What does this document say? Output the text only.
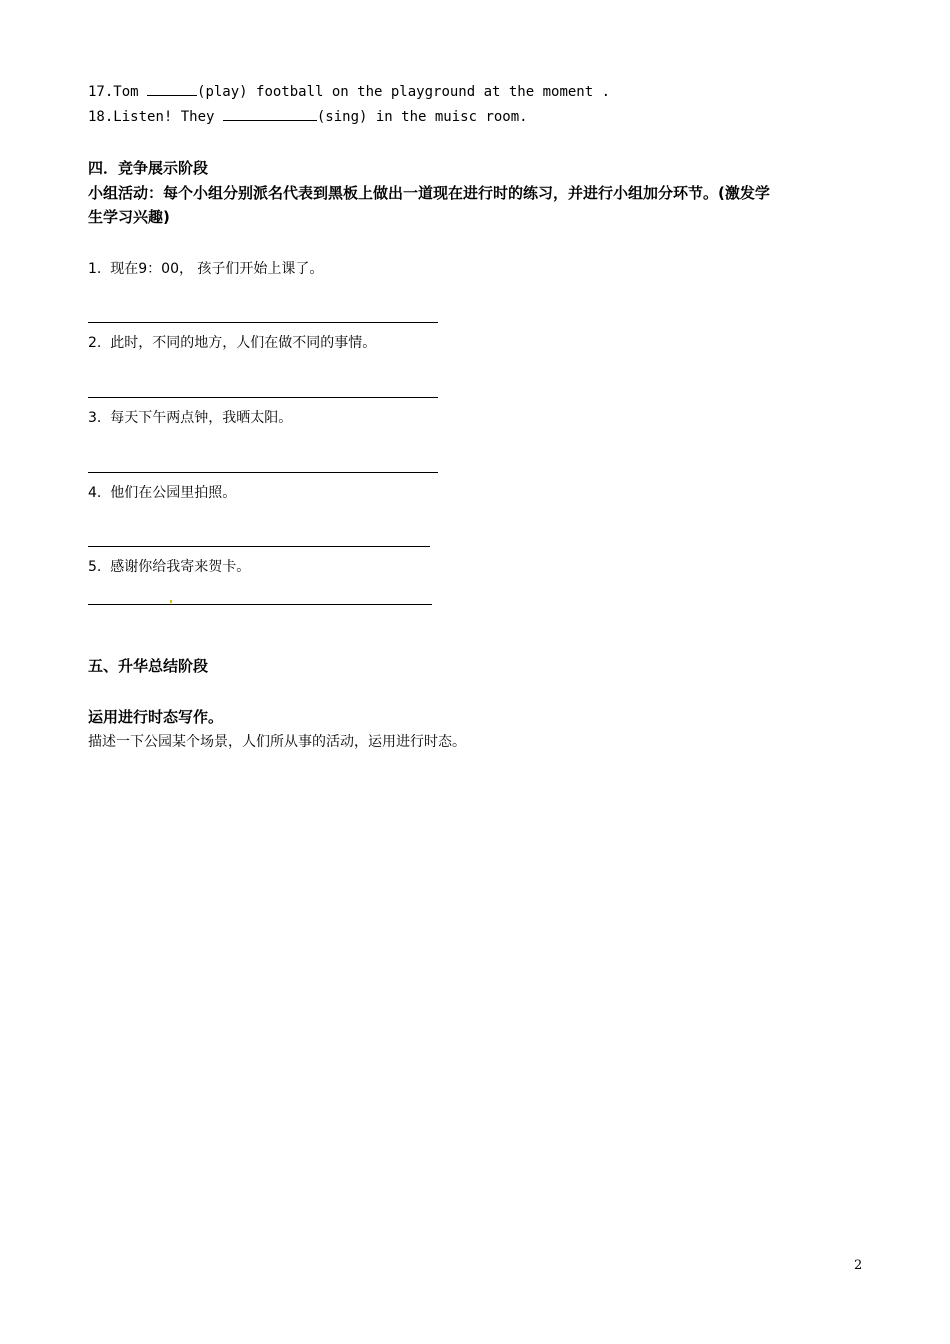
17.Tom	(play) football on the playground at the moment .
18.Listen! They	(sing) in the muisc room.
四．竞争展示阶段
小组活动：每个小组分别派名代表到黑板上做出一道现在进行时的练习，并进行小组加分环节。(激发学
生学习兴趣)
1. 现在9：00， 孩子们开始上课了。
2. 此时，不同的地方，人们在做不同的事情。
3. 每天下午两点钟，我晒太阳。
4. 他们在公园里拍照。
5. 感谢你给我寄来贺卡。
五、升华总结阶段
运用进行时态写作。
描述一下公园某个场景，人们所从事的活动，运用进行时态。
2
